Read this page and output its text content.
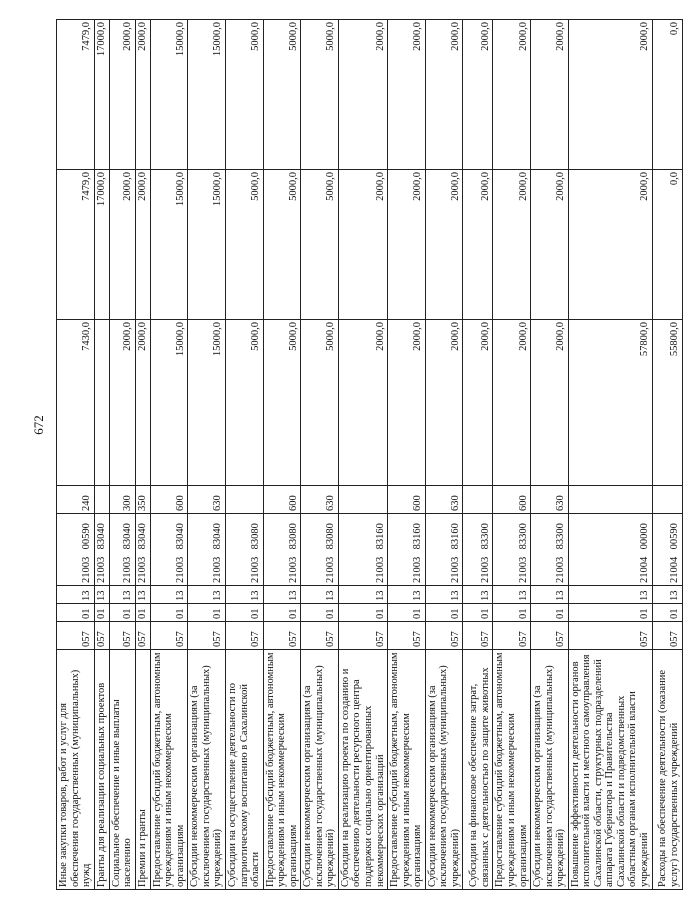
672
Иные закупки товаров, работ и услуг для обеспечения государственных (муниципальных) нужд	057	01	13	21003 00590	240	7430,0	7479,0	7479,0
Гранты для реализации социальных проектов	057	01	13	21003 83040			17000,0	17000,0
Социальное обеспечение и иные выплаты населению	057	01	13	21003 83040	300	2000,0	2000,0	2000,0
Премии и гранты	057	01	13	21003 83040	350	2000,0	2000,0	2000,0
Предоставление субсидий бюджетным, автономным учреждениям и иным некоммерческим организациям	057	01	13	21003 83040	600	15000,0	15000,0	15000,0
Субсидии некоммерческим организациям (за исключением государственных (муниципальных) учреждений)	057	01	13	21003 83040	630	15000,0	15000,0	15000,0
Субсидии на осуществление деятельности по патриотическому воспитанию в Сахалинской области	057	01	13	21003 83080		5000,0	5000,0	5000,0
Предоставление субсидий бюджетным, автономным учреждениям и иным некоммерческим организациям	057	01	13	21003 83080	600	5000,0	5000,0	5000,0
Субсидии некоммерческим организациям (за исключением государственных (муниципальных) учреждений)	057	01	13	21003 83080	630	5000,0	5000,0	5000,0
Субсидии на реализацию проекта по созданию и обеспечению деятельности ресурсного центра поддержки социально ориентированных некоммерческих организаций	057	01	13	21003 83160		2000,0	2000,0	2000,0
Предоставление субсидий бюджетным, автономным учреждениям и иным некоммерческим организациям	057	01	13	21003 83160	600	2000,0	2000,0	2000,0
Субсидии некоммерческим организациям (за исключением государственных (муниципальных) учреждений)	057	01	13	21003 83160	630	2000,0	2000,0	2000,0
Субсидии на финансовое обеспечение затрат, связанных с деятельностью по защите животных	057	01	13	21003 83300		2000,0	2000,0	2000,0
Предоставление субсидий бюджетным, автономным учреждениям и иным некоммерческим организациям	057	01	13	21003 83300	600	2000,0	2000,0	2000,0
Субсидии некоммерческим организациям (за исключением государственных (муниципальных) учреждений)	057	01	13	21003 83300	630	2000,0	2000,0	2000,0
Повышение эффективности деятельности органов исполнительной власти и местного самоуправления Сахалинской области, структурных подразделений аппарата Губернатора и Правительства Сахалинской области и подведомственных областным органам исполнительной власти учреждений	057	01	13	21004 00000		57800,0	2000,0	2000,0
Расходы на обеспечение деятельности (оказание услуг) государственных учреждений	057	01	13	21004 00590		55800,0	0,0	0,0
